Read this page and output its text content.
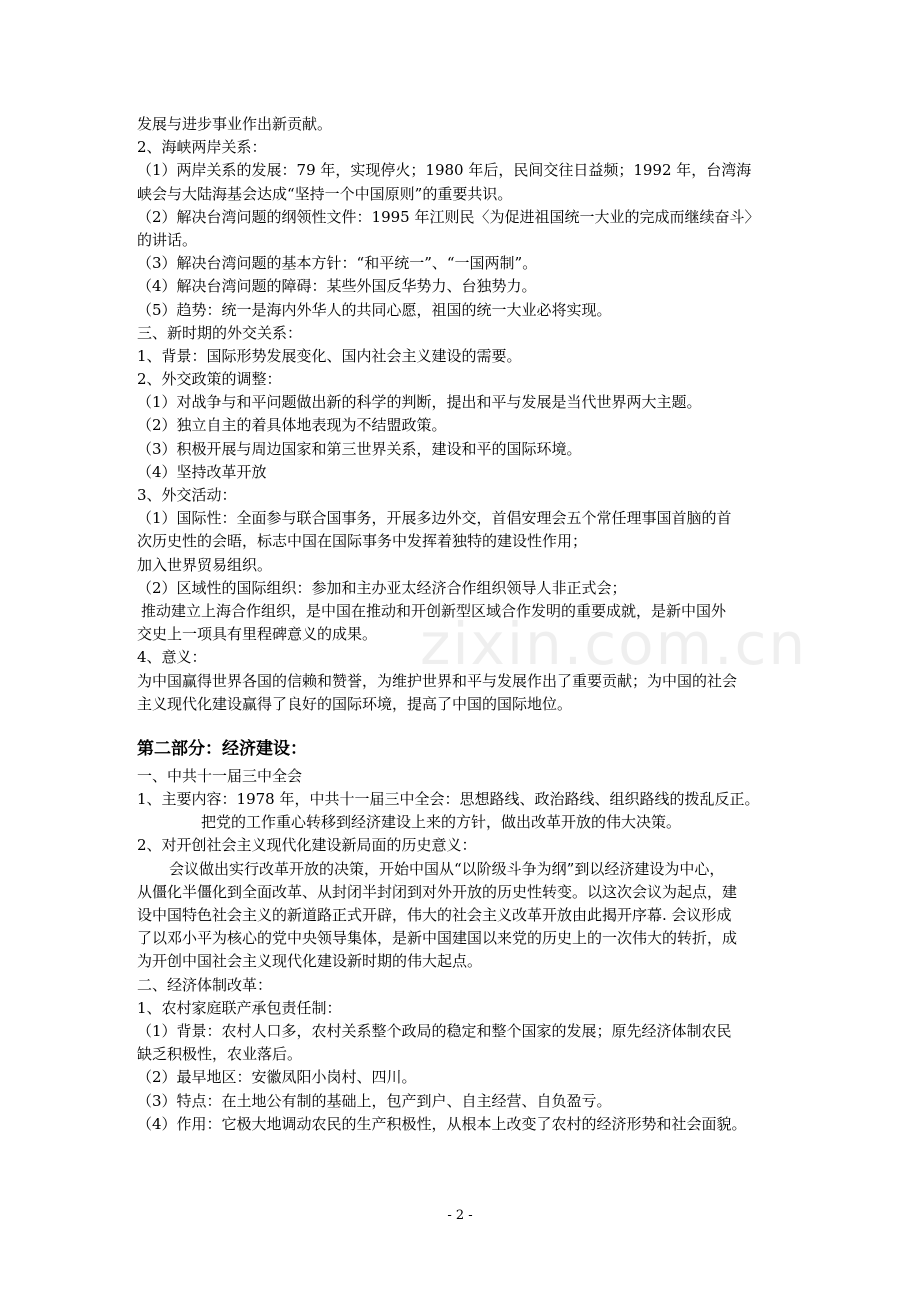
发展与进步事业作出新贡献。
2、海峡两岸关系：
（1）两岸关系的发展：79 年，实现停火；1980 年后，民间交往日益频；1992 年，台湾海
峡会与大陆海基会达成“坚持一个中国原则”的重要共识。
（2）解决台湾问题的纲领性文件：1995 年江则民〈为促进祖国统一大业的完成而继续奋斗〉
的讲话。
（3）解决台湾问题的基本方针：“和平统一”、“一国两制”。
（4）解决台湾问题的障碍：某些外国反华势力、台独势力。
（5）趋势：统一是海内外华人的共同心愿，祖国的统一大业必将实现。
三、新时期的外交关系：
1、背景：国际形势发展变化、国内社会主义建设的需要。
2、外交政策的调整：
（1）对战争与和平问题做出新的科学的判断，提出和平与发展是当代世界两大主题。
（2）独立自主的着具体地表现为不结盟政策。
（3）积极开展与周边国家和第三世界关系，建设和平的国际环境。
（4）坚持改革开放
3、外交活动：
（1）国际性：全面参与联合国事务，开展多边外交，首倡安理会五个常任理事国首脑的首
次历史性的会晤，标志中国在国际事务中发挥着独特的建设性作用；
加入世界贸易组织。
（2）区域性的国际组织：参加和主办亚太经济合作组织领导人非正式会；
推动建立上海合作组织，是中国在推动和开创新型区域合作发明的重要成就，是新中国外
交史上一项具有里程碑意义的成果。
4、意义：
为中国赢得世界各国的信赖和赞誉，为维护世界和平与发展作出了重要贡献；为中国的社会
主义现代化建设赢得了良好的国际环境，提高了中国的国际地位。
第二部分：经济建设：
一、中共十一届三中全会
1、主要内容：1978 年，中共十一届三中全会：思想路线、政治路线、组织路线的拨乱反正。
把党的工作重心转移到经济建设上来的方针，做出改革开放的伟大决策。
2、对开创社会主义现代化建设新局面的历史意义：
会议做出实行改革开放的决策，开始中国从“以阶级斗争为纲”到以经济建设为中心，
从僵化半僵化到全面改革、从封闭半封闭到对外开放的历史性转变。以这次会议为起点，建
设中国特色社会主义的新道路正式开辟，伟大的社会主义改革开放由此揭开序幕. 会议形成
了以邓小平为核心的党中央领导集体，是新中国建国以来党的历史上的一次伟大的转折，成
为开创中国社会主义现代化建设新时期的伟大起点。
二、经济体制改革：
1、农村家庭联产承包责任制：
（1）背景：农村人口多，农村关系整个政局的稳定和整个国家的发展；原先经济体制农民
缺乏积极性，农业落后。
（2）最早地区：安徽凤阳小岗村、四川。
（3）特点：在土地公有制的基础上，包产到户、自主经营、自负盈亏。
（4）作用：它极大地调动农民的生产积极性，从根本上改变了农村的经济形势和社会面貌。
zixin.com.cn
- 2 -
